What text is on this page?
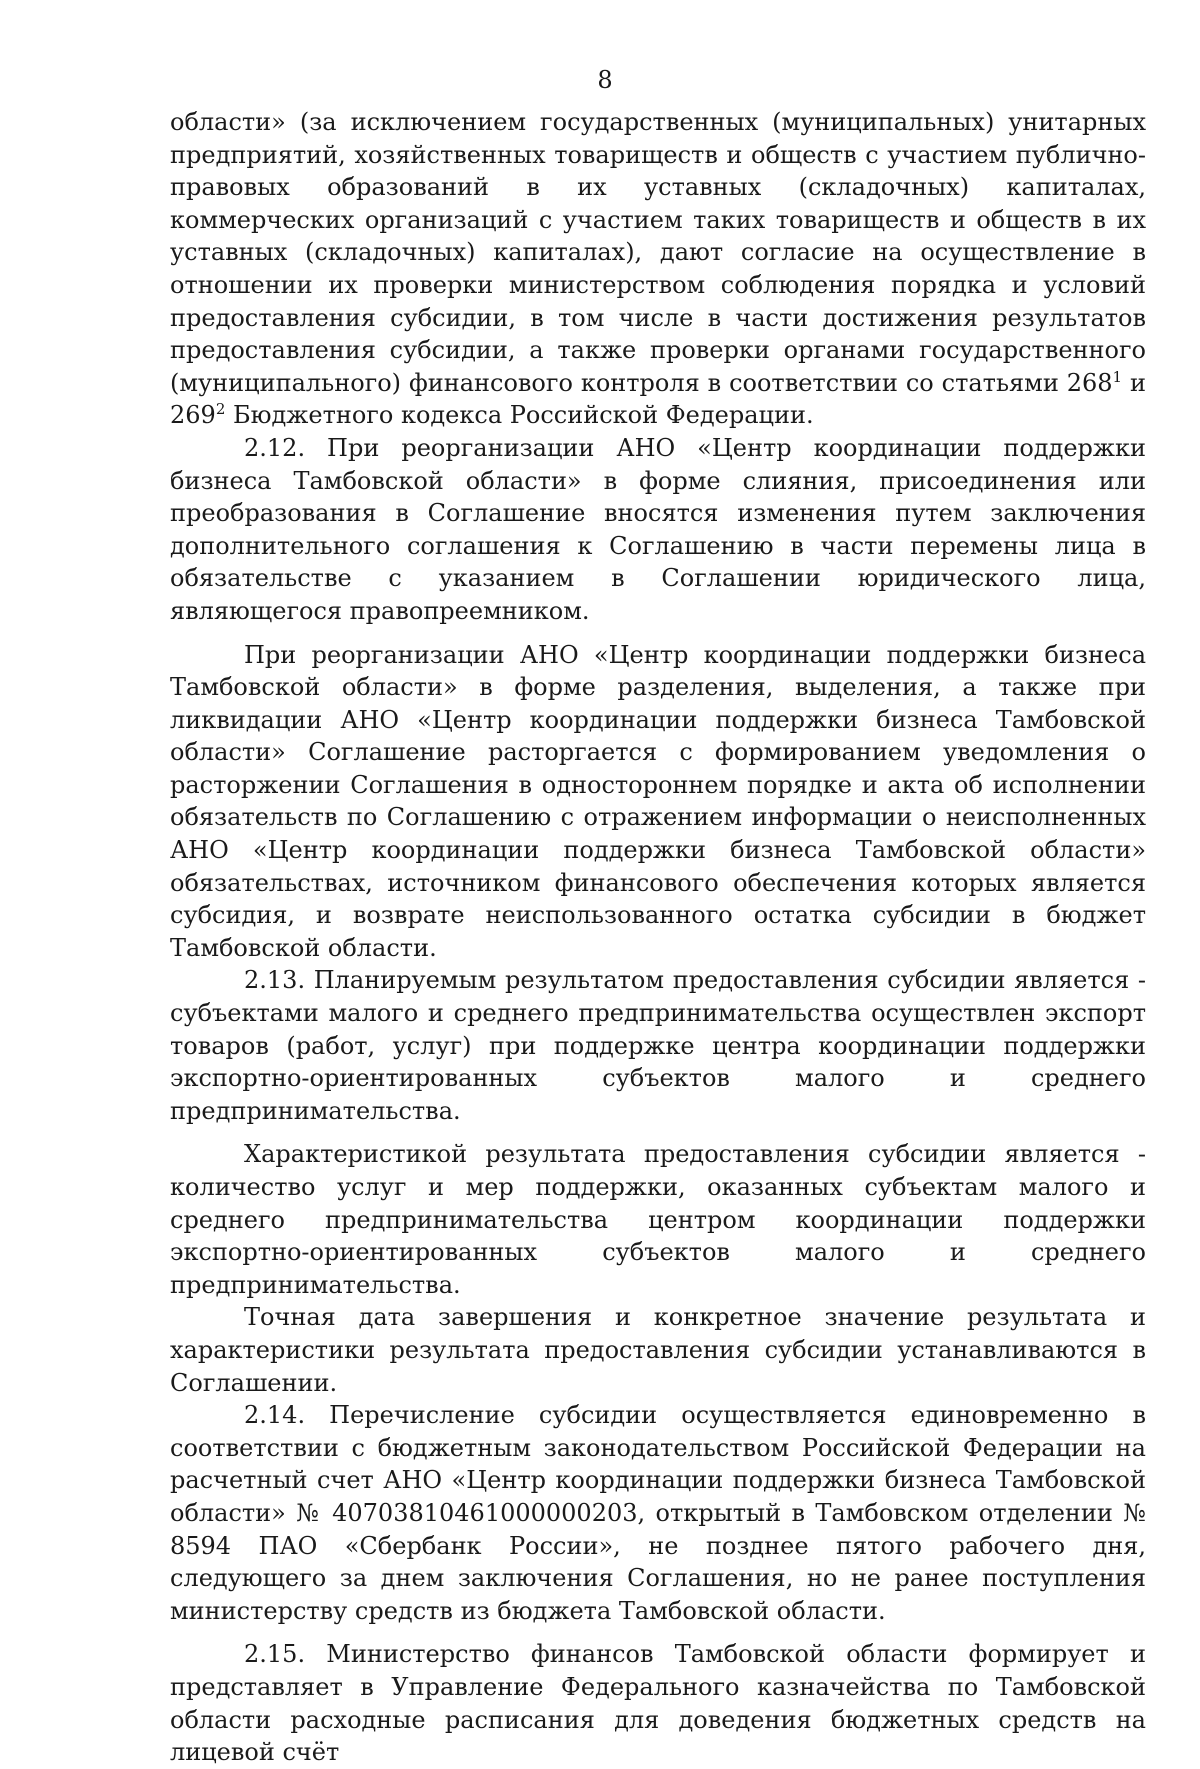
8

области» (за исключением государственных (муниципальных) унитарных предприятий, хозяйственных товариществ и обществ с участием публично-правовых образований в их уставных (складочных) капиталах, коммерческих организаций с участием таких товариществ и обществ в их уставных (складочных) капиталах), дают согласие на осуществление в отношении их проверки министерством соблюдения порядка и условий предоставления субсидии, в том числе в части достижения результатов предоставления субсидии, а также проверки органами государственного (муниципального) финансового контроля в соответствии со статьями $268^1$ и $269^2$ Бюджетного кодекса Российской Федерации.

2.12. При реорганизации АНО «Центр координации поддержки бизнеса Тамбовской области» в форме слияния, присоединения или преобразования в Соглашение вносятся изменения путем заключения дополнительного соглашения к Соглашению в части перемены лица в обязательстве с указанием в Соглашении юридического лица, являющегося правопреемником.

При реорганизации АНО «Центр координации поддержки бизнеса Тамбовской области» в форме разделения, выделения, а также при ликвидации АНО «Центр координации поддержки бизнеса Тамбовской области» Соглашение расторгается с формированием уведомления о расторжении Соглашения в одностороннем порядке и акта об исполнении обязательств по Соглашению с отражением информации о неисполненных АНО «Центр координации поддержки бизнеса Тамбовской области» обязательствах, источником финансового обеспечения которых является субсидия, и возврате неиспользованного остатка субсидии в бюджет Тамбовской области.

2.13. Планируемым результатом предоставления субсидии является - субъектами малого и среднего предпринимательства осуществлен экспорт товаров (работ, услуг) при поддержке центра координации поддержки экспортно-ориентированных субъектов малого и среднего предпринимательства.

Характеристикой результата предоставления субсидии является - количество услуг и мер поддержки, оказанных субъектам малого и среднего предпринимательства центром координации поддержки экспортно-ориентированных субъектов малого и среднего предпринимательства.

Точная дата завершения и конкретное значение результата и характеристики результата предоставления субсидии устанавливаются в Соглашении.

2.14. Перечисление субсидии осуществляется единовременно в соответствии с бюджетным законодательством Российской Федерации на расчетный счет АНО «Центр координации поддержки бизнеса Тамбовской области» № 40703810461000000203, открытый в Тамбовском отделении № 8594 ПАО «Сбербанк России», не позднее пятого рабочего дня, следующего за днем заключения Соглашения, но не ранее поступления министерству средств из бюджета Тамбовской области.

2.15. Министерство финансов Тамбовской области формирует и представляет в Управление Федерального казначейства по Тамбовской области расходные расписания для доведения бюджетных средств на лицевой счёт
